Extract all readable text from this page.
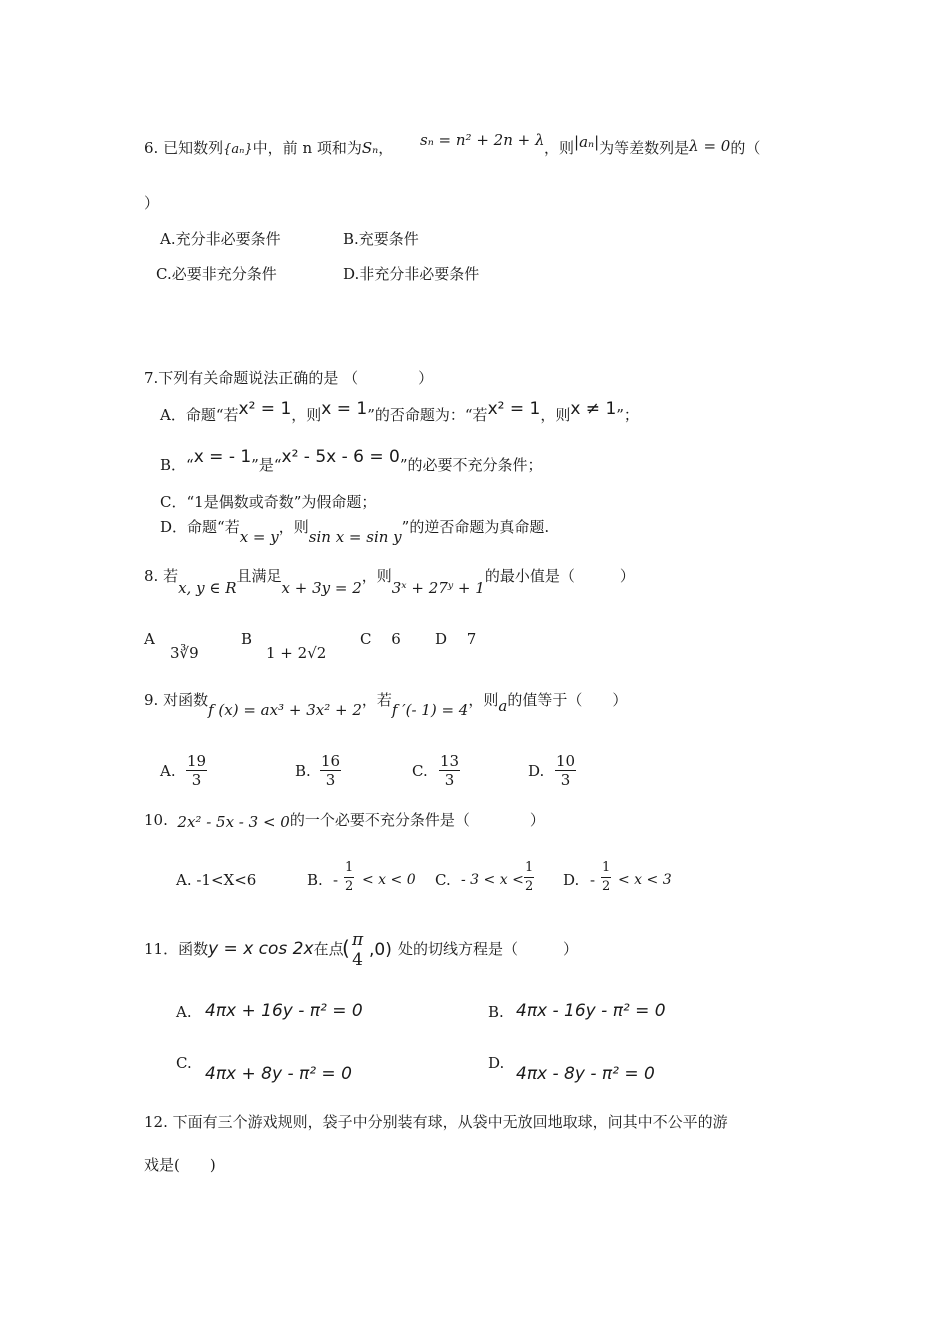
6. 已知数列{aₙ}中，前 n 项和为Sₙ， sₙ = n² + 2n + λ ，则|aₙ|为等差数列是λ = 0的（
）
A.充分非必要条件	B.充要条件
C.必要非充分条件	D.非充分非必要条件
7.下列有关命题说法正确的是 （　　　　）
A．命题“若x² = 1，则x = 1”的否命题为：“若x² = 1，则x ≠ 1”；
B．“x = - 1”是“x² - 5x - 6 = 0”的必要不充分条件；
C．“1是偶数或奇数”为假命题；
D．命题“若x = y，则sin x = sin y”的逆否命题为真命题.
8. 若x, y ∈ R且满足x + 3y = 2，则3ˣ + 27ʸ + 1的最小值是（　　　）
A
3∛9
B
1 + 2√2
C　 6 D　 7
9. 对函数f (x) = ax³ + 3x² + 2，若f ′(- 1) = 4，则a的值等于（　　）
A. $\frac{19}{3}$	B. $\frac{16}{3}$	C. $\frac{13}{3}$	D. $\frac{10}{3}$
10. 2x² - 5x - 3 < 0的一个必要不充分条件是（　　　　）
A. -1<X<6	B. - $\frac{1}{2} < x < 0$ C. - $3 < x < \frac{1}{2} D$. - $\frac{1}{2} < x < 3$
11．函数y = x cos 2x在点
( π
4 ,0) 处的切线方程是（　　　）
A. 4πx + 16y - π² = 0	B. 4πx - 16y - π² = 0
C.
4πx + 8y - π² = 0
D.
4πx - 8y - π² = 0
12. 下面有三个游戏规则，袋子中分别装有球，从袋中无放回地取球，问其中不公平的游
戏是(　　)
